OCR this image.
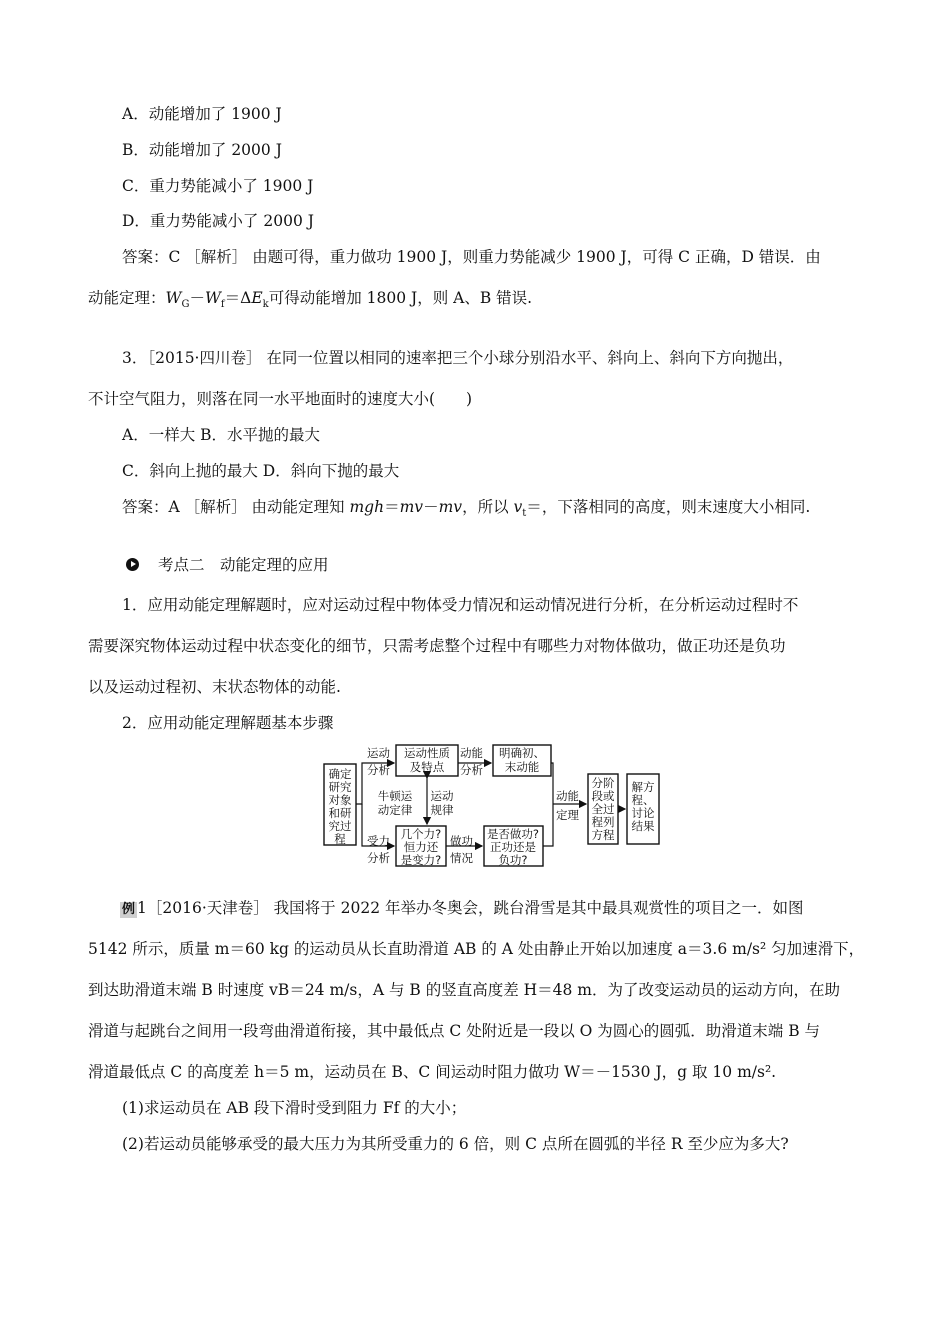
A．动能增加了 1900 J
B．动能增加了 2000 J
C．重力势能减小了 1900 J
D．重力势能减小了 2000 J
答案：C ［解析］ 由题可得，重力做功 1900 J，则重力势能减少 1900 J，可得 C 正确，D 错误．由
动能定理：$W_G-W_f=\Delta E_k$可得动能增加 1800 J，则 A、B 错误.
3．［2015·四川卷］ 在同一位置以相同的速率把三个小球分别沿水平、斜向上、斜向下方向抛出，
不计空气阻力，则落在同一水平地面时的速度大小(　　)
A．一样大 B．水平抛的最大
C．斜向上抛的最大 D．斜向下抛的最大
答案：A ［解析］ 由动能定理知 mgh＝mv－mv，所以 $v_t=$，下落相同的高度，则末速度大小相同.
考点二　动能定理的应用
1．应用动能定理解题时，应对运动过程中物体受力情况和运动情况进行分析，在分析运动过程时不
需要深究物体运动过程中状态变化的细节，只需考虑整个过程中有哪些力对物体做功，做正功还是负功
以及运动过程初、末状态物体的动能.
2．应用动能定理解题基本步骤
确定
研究
对象
和研
究过
程
运动
分析
运动性质
及特点
动能
分析
明确初、
末动能
牛顿运
动定律
运动
规律
受力
分析
几个力?
恒力还
是变力?
做功
情况
是否做功?
正功还是
负功?
动能
定理
分阶
段或
全过
程列
方程
解方
程、
讨论
结果
例 1［2016·天津卷］ 我国将于 2022 年举办冬奥会，跳台滑雪是其中最具观赏性的项目之一．如图
5142 所示，质量 m＝60 kg 的运动员从长直助滑道 AB 的 A 处由静止开始以加速度 a＝3.6 m/s² 匀加速滑下，
到达助滑道末端 B 时速度 vB＝24 m/s，A 与 B 的竖直高度差 H＝48 m．为了改变运动员的运动方向，在助
滑道与起跳台之间用一段弯曲滑道衔接，其中最低点 C 处附近是一段以 O 为圆心的圆弧．助滑道末端 B 与
滑道最低点 C 的高度差 h＝5 m，运动员在 B、C 间运动时阻力做功 W＝－1530 J，g 取 10 m/s².
(1)求运动员在 AB 段下滑时受到阻力 Ff 的大小；
(2)若运动员能够承受的最大压力为其所受重力的 6 倍，则 C 点所在圆弧的半径 R 至少应为多大?
